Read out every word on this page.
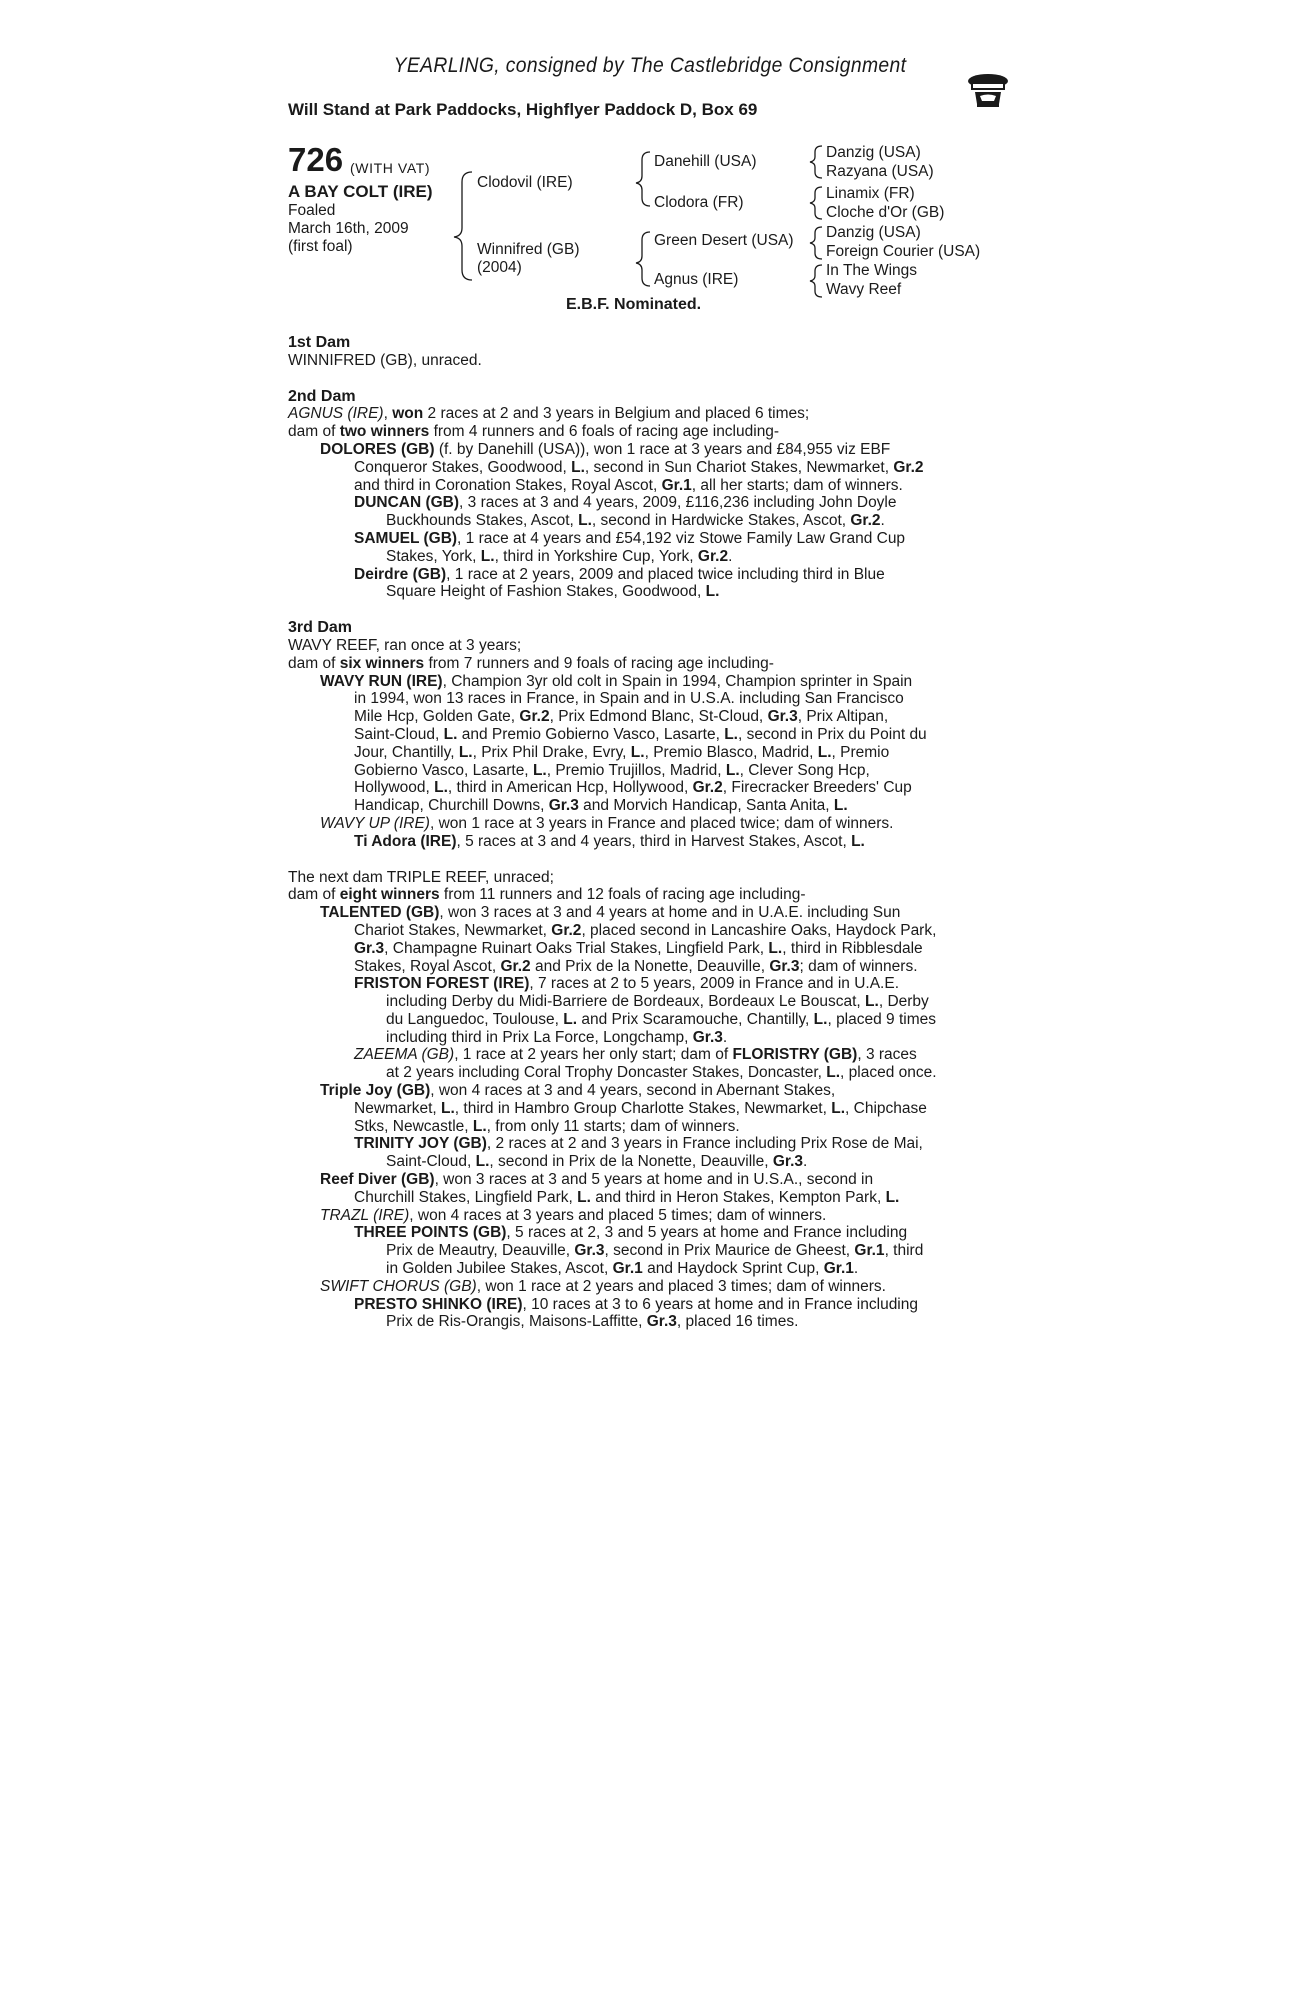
YEARLING, consigned by The Castlebridge Consignment
Will Stand at Park Paddocks, Highflyer Paddock D, Box 69
726 (WITH VAT)
A BAY COLT (IRE)
Foaled
March 16th, 2009
(first foal)
Clodovil (IRE)
Winnifred (GB)
(2004)
Danehill (USA)
Clodora (FR)
Green Desert (USA)
Agnus (IRE)
Danzig (USA)
Razyana (USA)
Linamix (FR)
Cloche d'Or (GB)
Danzig (USA)
Foreign Courier (USA)
In The Wings
Wavy Reef
E.B.F. Nominated.
1st Dam
WINNIFRED (GB), unraced.
2nd Dam
AGNUS (IRE), won 2 races at 2 and 3 years in Belgium and placed 6 times;
dam of two winners from 4 runners and 6 foals of racing age including-
DOLORES (GB) (f. by Danehill (USA)), won 1 race at 3 years and £84,955 viz EBF
Conqueror Stakes, Goodwood, L., second in Sun Chariot Stakes, Newmarket, Gr.2
and third in Coronation Stakes, Royal Ascot, Gr.1, all her starts; dam of winners.
DUNCAN (GB), 3 races at 3 and 4 years, 2009, £116,236 including John Doyle
Buckhounds Stakes, Ascot, L., second in Hardwicke Stakes, Ascot, Gr.2.
SAMUEL (GB), 1 race at 4 years and £54,192 viz Stowe Family Law Grand Cup
Stakes, York, L., third in Yorkshire Cup, York, Gr.2.
Deirdre (GB), 1 race at 2 years, 2009 and placed twice including third in Blue
Square Height of Fashion Stakes, Goodwood, L.
3rd Dam
WAVY REEF, ran once at 3 years;
dam of six winners from 7 runners and 9 foals of racing age including-
WAVY RUN (IRE), Champion 3yr old colt in Spain in 1994, Champion sprinter in Spain
in 1994, won 13 races in France, in Spain and in U.S.A. including San Francisco
Mile Hcp, Golden Gate, Gr.2, Prix Edmond Blanc, St-Cloud, Gr.3, Prix Altipan,
Saint-Cloud, L. and Premio Gobierno Vasco, Lasarte, L., second in Prix du Point du
Jour, Chantilly, L., Prix Phil Drake, Evry, L., Premio Blasco, Madrid, L., Premio
Gobierno Vasco, Lasarte, L., Premio Trujillos, Madrid, L., Clever Song Hcp,
Hollywood, L., third in American Hcp, Hollywood, Gr.2, Firecracker Breeders' Cup
Handicap, Churchill Downs, Gr.3 and Morvich Handicap, Santa Anita, L.
WAVY UP (IRE), won 1 race at 3 years in France and placed twice; dam of winners.
Ti Adora (IRE), 5 races at 3 and 4 years, third in Harvest Stakes, Ascot, L.
The next dam TRIPLE REEF, unraced;
dam of eight winners from 11 runners and 12 foals of racing age including-
TALENTED (GB), won 3 races at 3 and 4 years at home and in U.A.E. including Sun
Chariot Stakes, Newmarket, Gr.2, placed second in Lancashire Oaks, Haydock Park,
Gr.3, Champagne Ruinart Oaks Trial Stakes, Lingfield Park, L., third in Ribblesdale
Stakes, Royal Ascot, Gr.2 and Prix de la Nonette, Deauville, Gr.3; dam of winners.
FRISTON FOREST (IRE), 7 races at 2 to 5 years, 2009 in France and in U.A.E.
including Derby du Midi-Barriere de Bordeaux, Bordeaux Le Bouscat, L., Derby
du Languedoc, Toulouse, L. and Prix Scaramouche, Chantilly, L., placed 9 times
including third in Prix La Force, Longchamp, Gr.3.
ZAEEMA (GB), 1 race at 2 years her only start; dam of FLORISTRY (GB), 3 races
at 2 years including Coral Trophy Doncaster Stakes, Doncaster, L., placed once.
Triple Joy (GB), won 4 races at 3 and 4 years, second in Abernant Stakes,
Newmarket, L., third in Hambro Group Charlotte Stakes, Newmarket, L., Chipchase
Stks, Newcastle, L., from only 11 starts; dam of winners.
TRINITY JOY (GB), 2 races at 2 and 3 years in France including Prix Rose de Mai,
Saint-Cloud, L., second in Prix de la Nonette, Deauville, Gr.3.
Reef Diver (GB), won 3 races at 3 and 5 years at home and in U.S.A., second in
Churchill Stakes, Lingfield Park, L. and third in Heron Stakes, Kempton Park, L.
TRAZL (IRE), won 4 races at 3 years and placed 5 times; dam of winners.
THREE POINTS (GB), 5 races at 2, 3 and 5 years at home and France including
Prix de Meautry, Deauville, Gr.3, second in Prix Maurice de Gheest, Gr.1, third
in Golden Jubilee Stakes, Ascot, Gr.1 and Haydock Sprint Cup, Gr.1.
SWIFT CHORUS (GB), won 1 race at 2 years and placed 3 times; dam of winners.
PRESTO SHINKO (IRE), 10 races at 3 to 6 years at home and in France including
Prix de Ris-Orangis, Maisons-Laffitte, Gr.3, placed 16 times.
